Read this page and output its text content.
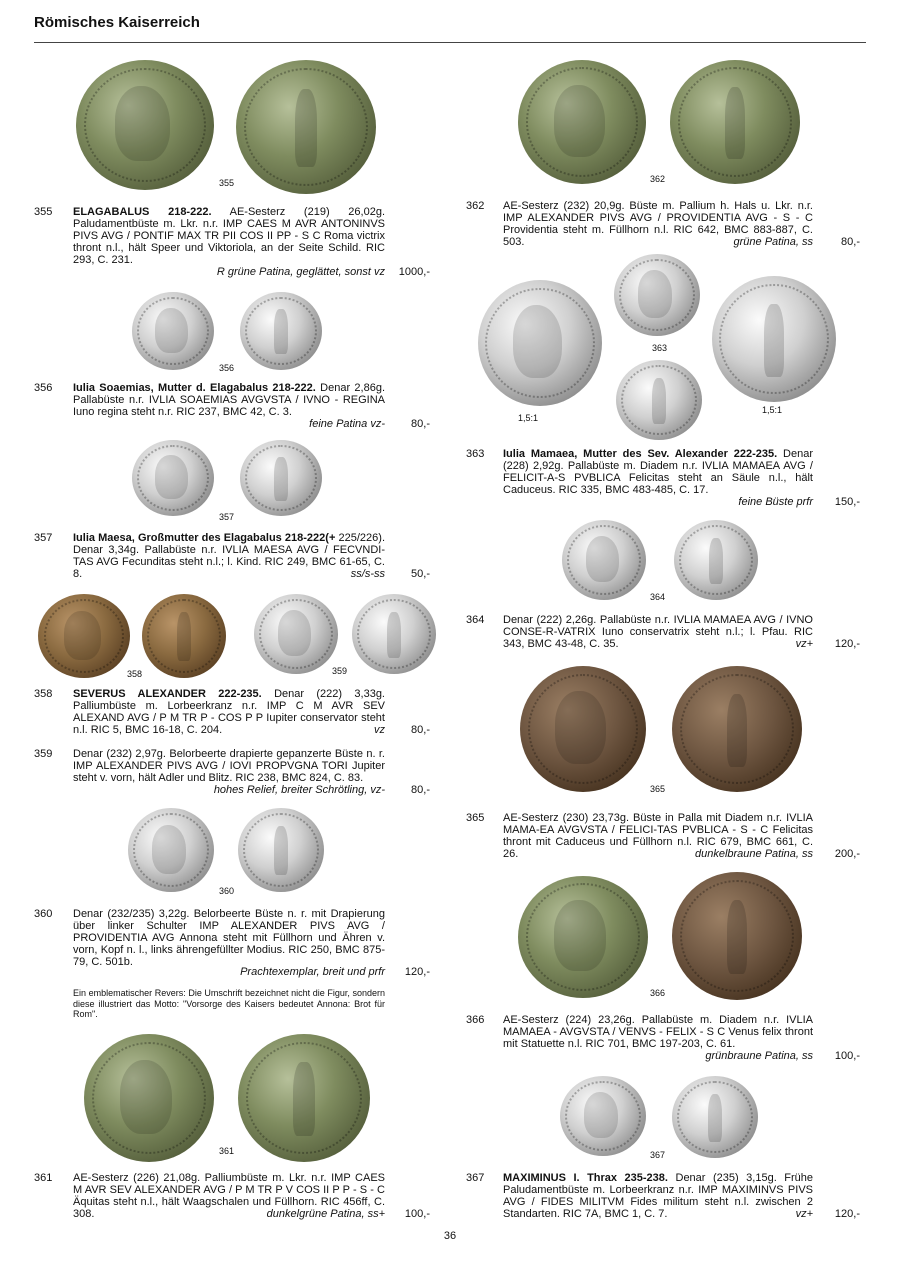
Römisches Kaiserreich
355
355 ELAGABALUS 218-222. AE-Sesterz (219) 26,02g. Paludamentbüste m. Lkr. n.r. IMP CAES M AVR ANTONINVS PIVS AVG / PONTIF MAX TR PII COS II PP - S C Roma victrix thront n.l., hält Speer und Viktoriola, an der Seite Schild. RIC 293, C. 231.
R grüne Patina, geglättet, sonst vz	1000,-
356
356 Iulia Soaemias, Mutter d. Elagabalus 218-222. Denar 2,86g. Pallabüste n.r. IVLIA SOAEMIAS AVGVSTA / IVNO - REGINA Iuno regina steht n.r. RIC 237, BMC 42, C. 3.
feine Patina vz-	80,-
357
357 Iulia Maesa, Großmutter des Elagabalus 218-222(+ 225/226). Denar 3,34g. Pallabüste n.r. IVLIA MAESA AVG / FECVNDI-TAS AVG Fecunditas steht n.l.; l. Kind. RIC 249, BMC 61-65, C. 8.	ss/s-ss	50,-
358	359
358 SEVERUS ALEXANDER 222-235. Denar (222) 3,33g. Palliumbüste m. Lorbeerkranz n.r. IMP C M AVR SEV ALEXAND AVG / P M TR P - COS P P Iupiter conservator steht n.l. RIC 5, BMC 16-18, C. 204.	vz	80,-
359 Denar (232) 2,97g. Belorbeerte drapierte gepanzerte Büste n. r. IMP ALEXANDER PIVS AVG / IOVI PROPVGNA TORI Jupiter steht v. vorn, hält Adler und Blitz. RIC 238, BMC 824, C. 83.
hohes Relief, breiter Schrötling, vz-	80,-
360
360 Denar (232/235) 3,22g. Belorbeerte Büste n. r. mit Drapierung über linker Schulter IMP ALEXANDER PIVS AVG / PROVIDENTIA AVG Annona steht mit Füllhorn und Ähren v. vorn, Kopf n. l., links ährengefüllter Modius. RIC 250, BMC 875-79, C. 501b.
Prachtexemplar, breit und prfr	120,-
Ein emblematischer Revers: Die Umschrift bezeichnet nicht die Figur, sondern diese illustriert das Motto: "Vorsorge des Kaisers bedeutet Annona: Brot für Rom".
361
361 AE-Sesterz (226) 21,08g. Palliumbüste m. Lkr. n.r. IMP CAES M AVR SEV ALEXANDER AVG / P M TR P V COS II P P - S - C Äquitas steht n.l., hält Waagschalen und Füllhorn. RIC 456ff, C. 308.	dunkelgrüne Patina, ss+	100,-
362
362 AE-Sesterz (232) 20,9g. Büste m. Pallium h. Hals u. Lkr. n.r. IMP ALEXANDER PIVS AVG / PROVIDENTIA AVG - S - C Providentia steht m. Füllhorn n.l. RIC 642, BMC 883-887, C. 503.	grüne Patina, ss	80,-
363
1,5:1
1,5:1
363 Iulia Mamaea, Mutter des Sev. Alexander 222-235. Denar (228) 2,92g. Pallabüste m. Diadem n.r. IVLIA MAMAEA AVG / FELICIT-A-S PVBLICA Felicitas steht an Säule n.l., hält Caduceus. RIC 335, BMC 483-485, C. 17.
feine Büste prfr	150,-
364
364 Denar (222) 2,26g. Pallabüste n.r. IVLIA MAMAEA AVG / IVNO CONSE-R-VATRIX Iuno conservatrix steht n.l.; l. Pfau. RIC 343, BMC 43-48, C. 35.	vz+	120,-
365
365 AE-Sesterz (230) 23,73g. Büste in Palla mit Diadem n.r. IVLIA MAMA-EA AVGVSTA / FELICI-TAS PVBLICA - S - C Felicitas thront mit Caduceus und Füllhorn n.l. RIC 679, BMC 661, C. 26.	dunkelbraune Patina, ss	200,-
366
366 AE-Sesterz (224) 23,26g. Pallabüste m. Diadem n.r. IVLIA MAMAEA - AVGVSTA / VENVS - FELIX - S C Venus felix thront mit Statuette n.l. RIC 701, BMC 197-203, C. 61.
grünbraune Patina, ss	100,-
367
367 MAXIMINUS I. Thrax 235-238. Denar (235) 3,15g. Frühe Paludamentbüste m. Lorbeerkranz n.r. IMP MAXIMINVS PIVS AVG / FIDES MILITVM Fides militum steht n.l. zwischen 2 Standarten. RIC 7A, BMC 1, C. 7.	vz+	120,-
36
